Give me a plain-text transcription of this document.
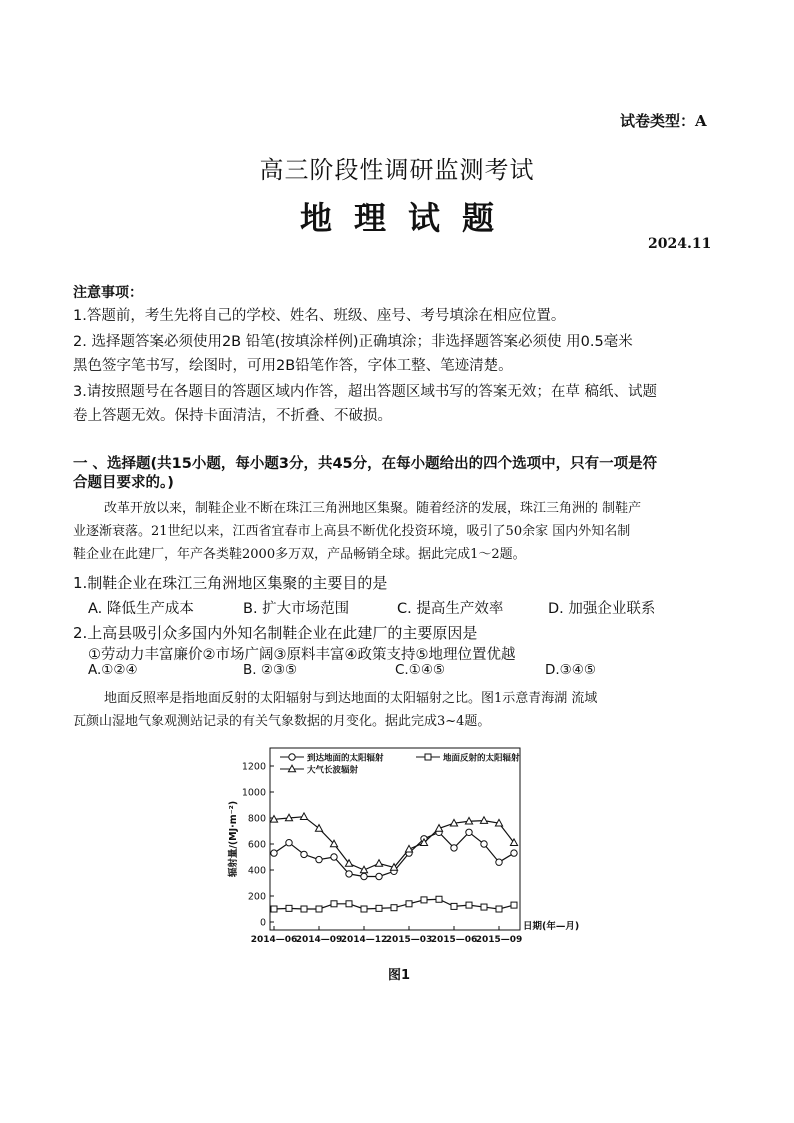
试卷类型：A
高三阶段性调研监测考试
地理试题
2024.11
注意事项：
1.答题前，考生先将自己的学校、姓名、班级、座号、考号填涂在相应位置。
2. 选择题答案必须使用2B 铅笔(按填涂样例)正确填涂；非选择题答案必须使 用0.5毫米
黑色签字笔书写，绘图时，可用2B铅笔作答，字体工整、笔迹清楚。
3.请按照题号在各题目的答题区域内作答，超出答题区域书写的答案无效；在草 稿纸、试题
卷上答题无效。保持卡面清洁，不折叠、不破损。
一 、选择题(共15小题，每小题3分，共45分，在每小题给出的四个选项中，只有一项是符
合题目要求的。)
改革开放以来，制鞋企业不断在珠江三角洲地区集聚。随着经济的发展，珠江三角洲的 制鞋产
业逐渐衰落。21世纪以来，江西省宜春市上高县不断优化投资环境，吸引了50余家 国内外知名制
鞋企业在此建厂，年产各类鞋2000多万双，产品畅销全球。据此完成1～2题。
1.制鞋企业在珠江三角洲地区集聚的主要目的是
A. 降低生产成本	B. 扩大市场范围	C. 提高生产效率	D. 加强企业联系
2.上高县吸引众多国内外知名制鞋企业在此建厂的主要原因是
①劳动力丰富廉价②市场广阔③原料丰富④政策支持⑤地理位置优越
A.①②④	B. ②③⑤	C.①④⑤	D.③④⑤
地面反照率是指地面反射的太阳辐射与到达地面的太阳辐射之比。图1示意青海湖 流域
瓦颜山湿地气象观测站记录的有关气象数据的月变化。据此完成3~4题。
0
200
400
600
800
1000
1200
2014—06
2014—09
2014—12
2015—03
2015—06
2015—09
日期(年—月)
辐射量/(MJ·m⁻²)
到达地面的太阳辐射	地面反射的太阳辐射
大气长波辐射
图1
